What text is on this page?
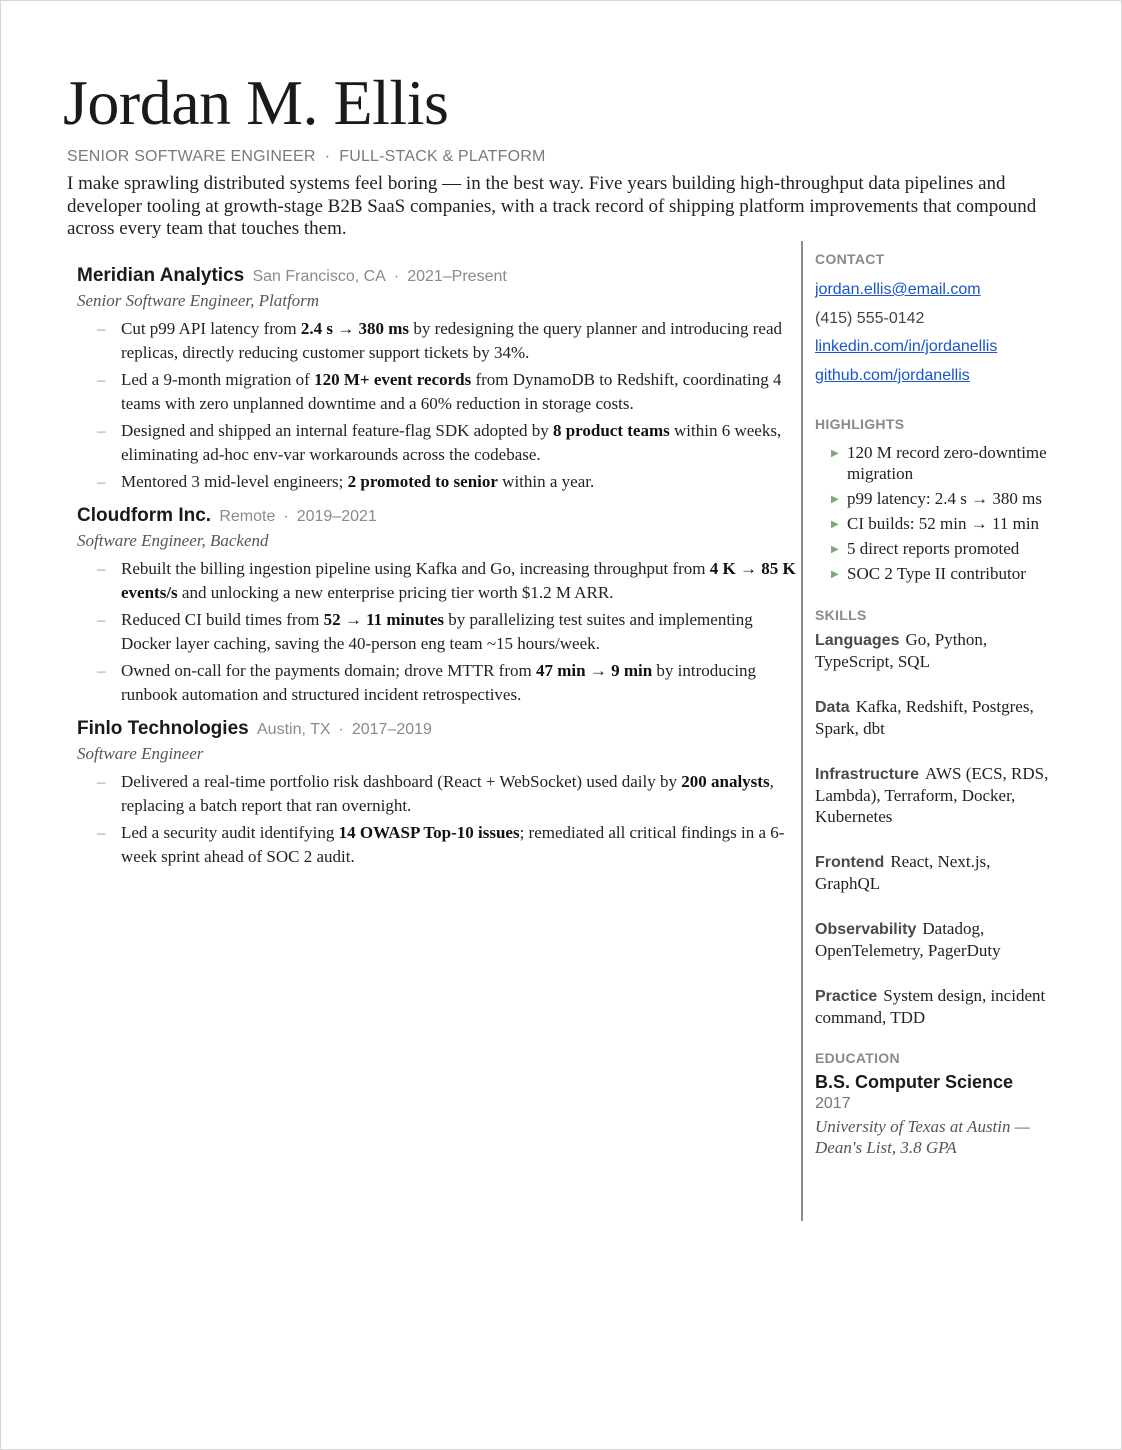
Jordan M. Ellis
SENIOR SOFTWARE ENGINEER · FULL-STACK & PLATFORM
I make sprawling distributed systems feel boring — in the best way. Five years building high-throughput data pipelines and developer tooling at growth-stage B2B SaaS companies, with a track record of shipping platform improvements that compound across every team that touches them.
Meridian Analytics San Francisco, CA · 2021–Present
Senior Software Engineer, Platform
– Cut p99 API latency from 2.4 s → 380 ms by redesigning the query planner and introducing read replicas, directly reducing customer support tickets by 34%.
– Led a 9-month migration of 120 M+ event records from DynamoDB to Redshift, coordinating 4 teams with zero unplanned downtime and a 60% reduction in storage costs.
– Designed and shipped an internal feature-flag SDK adopted by 8 product teams within 6 weeks, eliminating ad-hoc env-var workarounds across the codebase.
– Mentored 3 mid-level engineers; 2 promoted to senior within a year.
Cloudform Inc. Remote · 2019–2021
Software Engineer, Backend
– Rebuilt the billing ingestion pipeline using Kafka and Go, increasing throughput from 4 K → 85 K events/s and unlocking a new enterprise pricing tier worth $1.2 M ARR.
– Reduced CI build times from 52 → 11 minutes by parallelizing test suites and implementing Docker layer caching, saving the 40-person eng team ~15 hours/week.
– Owned on-call for the payments domain; drove MTTR from 47 min → 9 min by introducing runbook automation and structured incident retrospectives.
Finlo Technologies Austin, TX · 2017–2019
Software Engineer
– Delivered a real-time portfolio risk dashboard (React + WebSocket) used daily by 200 analysts, replacing a batch report that ran overnight.
– Led a security audit identifying 14 OWASP Top-10 issues; remediated all critical findings in a 6-week sprint ahead of SOC 2 audit.
CONTACT
jordan.ellis@email.com
(415) 555-0142
linkedin.com/in/jordanellis
github.com/jordanellis
HIGHLIGHTS
▶ 120 M record zero-downtime migration
▶ p99 latency: 2.4 s → 380 ms
▶ CI builds: 52 min → 11 min
▶ 5 direct reports promoted
▶ SOC 2 Type II contributor
SKILLS
Languages Go, Python, TypeScript, SQL
Data Kafka, Redshift, Postgres, Spark, dbt
Infrastructure AWS (ECS, RDS, Lambda), Terraform, Docker, Kubernetes
Frontend React, Next.js, GraphQL
Observability Datadog, OpenTelemetry, PagerDuty
Practice System design, incident command, TDD
EDUCATION
B.S. Computer Science
2017
University of Texas at Austin — Dean's List, 3.8 GPA
